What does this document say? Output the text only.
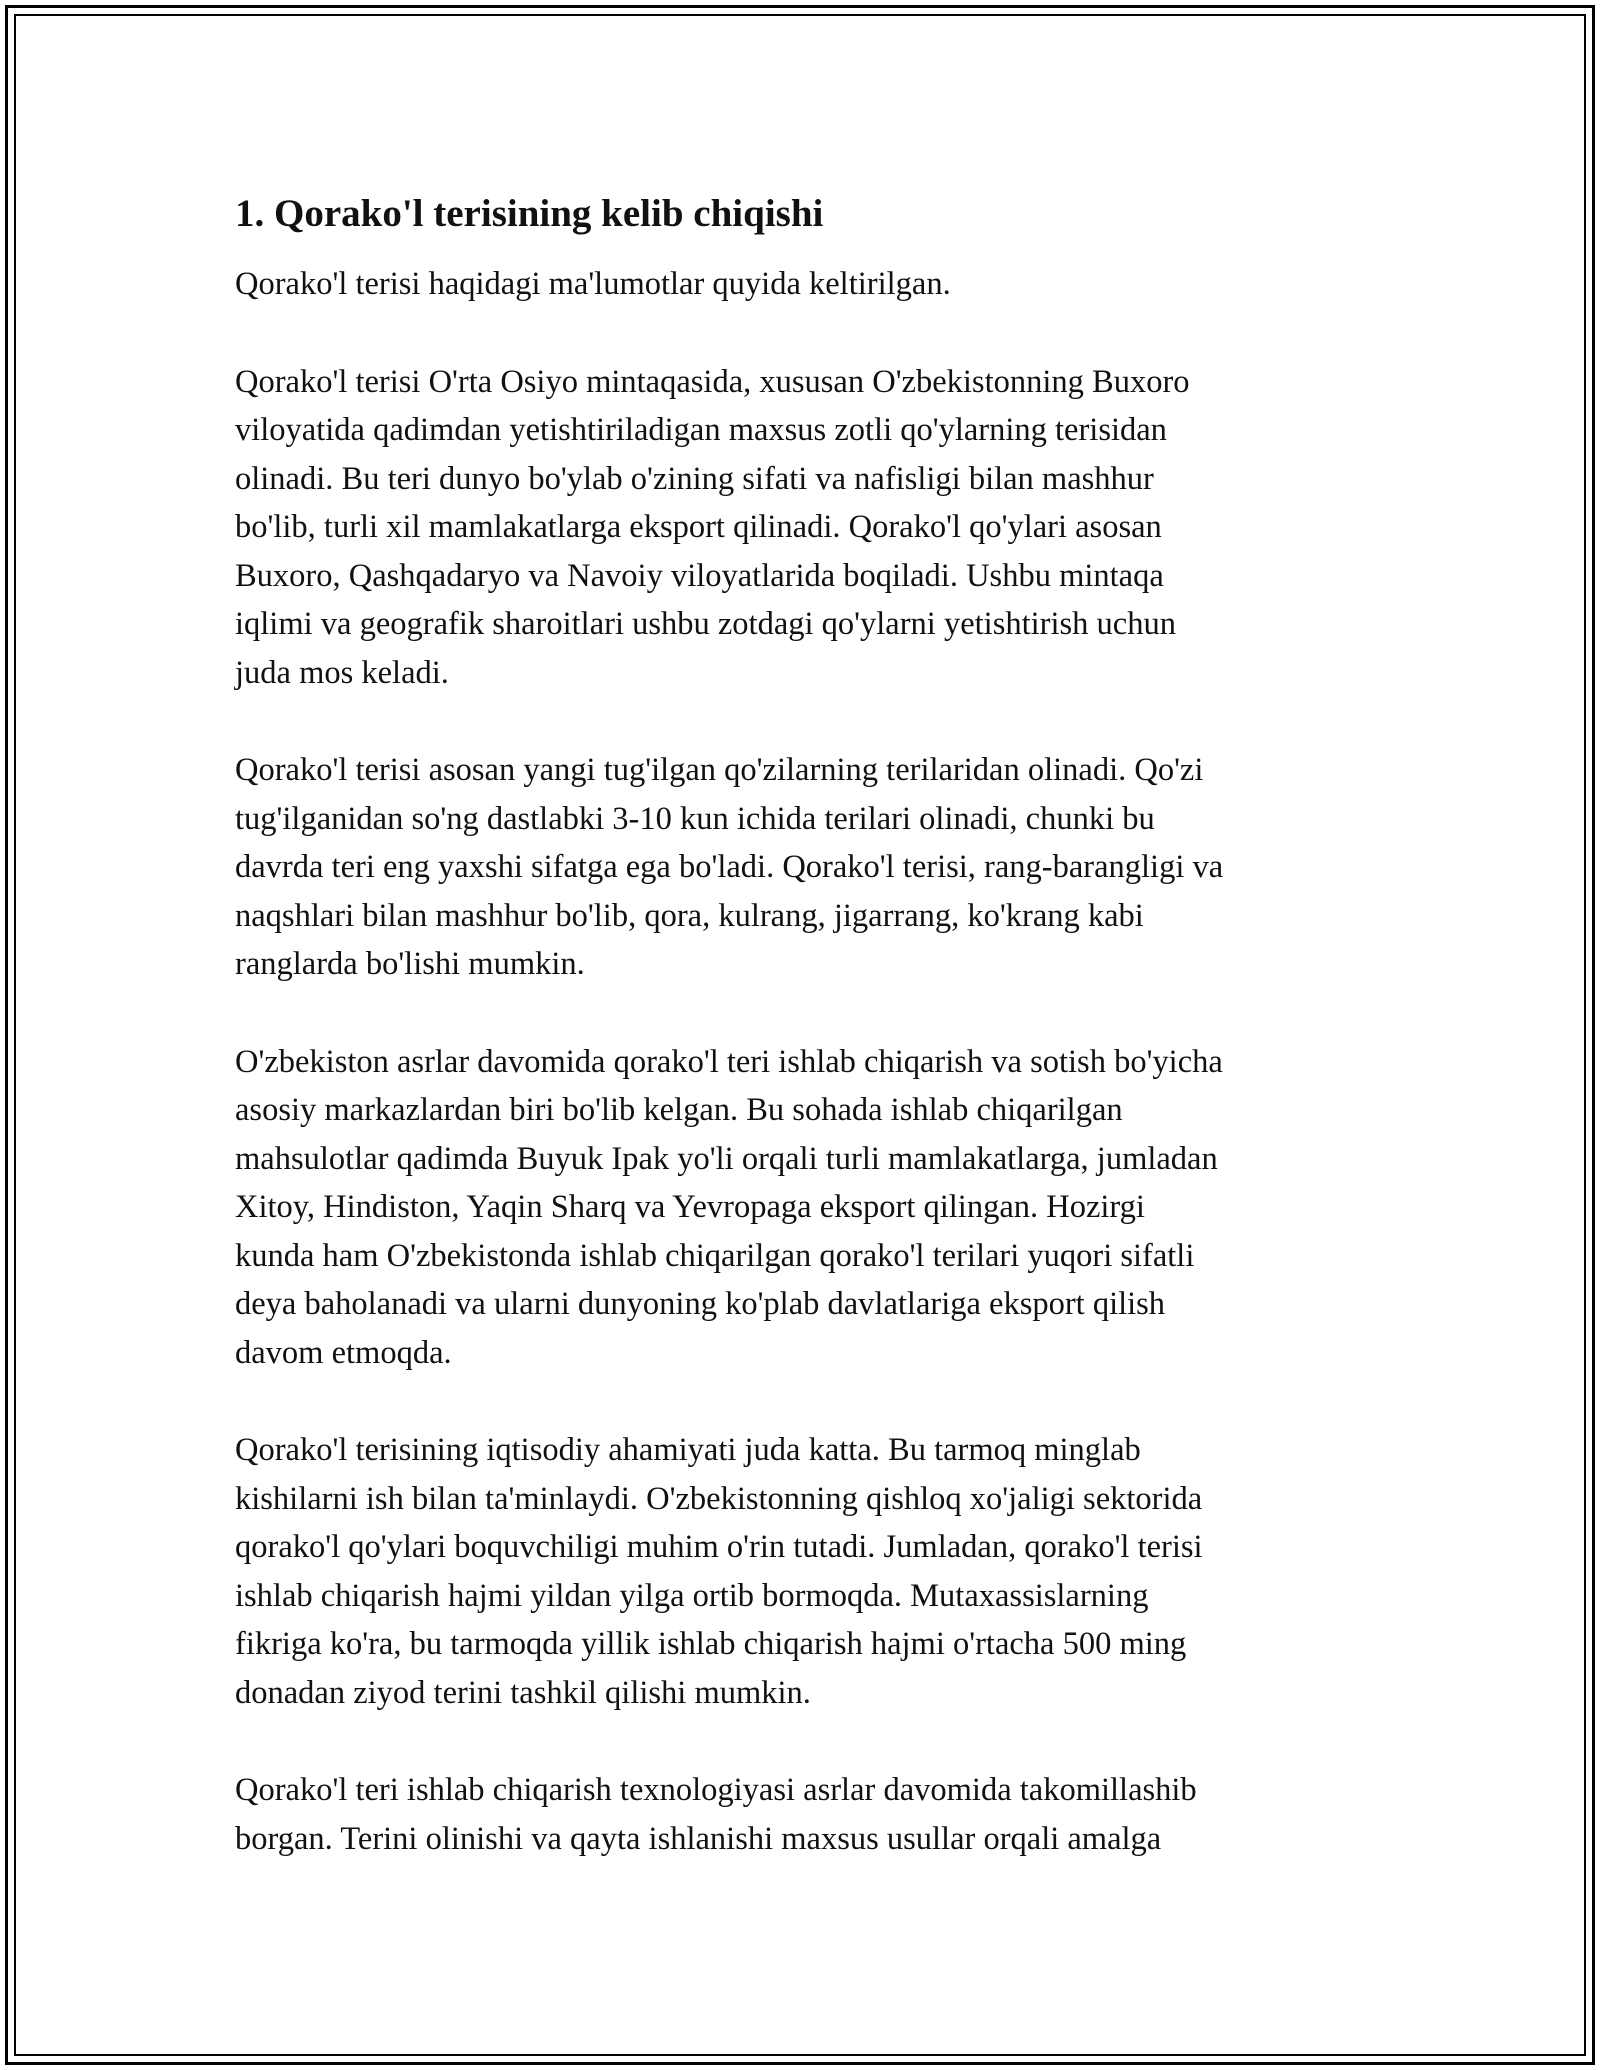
1. Qorako'l terisining kelib chiqishi

Qorako'l terisi haqidagi ma'lumotlar quyida keltirilgan.

Qorako'l terisi O'rta Osiyo mintaqasida, xususan O'zbekistonning Buxoro
viloyatida qadimdan yetishtiriladigan maxsus zotli qo'ylarning terisidan
olinadi. Bu teri dunyo bo'ylab o'zining sifati va nafisligi bilan mashhur
bo'lib, turli xil mamlakatlarga eksport qilinadi. Qorako'l qo'ylari asosan
Buxoro, Qashqadaryo va Navoiy viloyatlarida boqiladi. Ushbu mintaqa
iqlimi va geografik sharoitlari ushbu zotdagi qo'ylarni yetishtirish uchun
juda mos keladi.

Qorako'l terisi asosan yangi tug'ilgan qo'zilarning terilaridan olinadi. Qo'zi
tug'ilganidan so'ng dastlabki 3-10 kun ichida terilari olinadi, chunki bu
davrda teri eng yaxshi sifatga ega bo'ladi. Qorako'l terisi, rang-barangligi va
naqshlari bilan mashhur bo'lib, qora, kulrang, jigarrang, ko'krang kabi
ranglarda bo'lishi mumkin.

O'zbekiston asrlar davomida qorako'l teri ishlab chiqarish va sotish bo'yicha
asosiy markazlardan biri bo'lib kelgan. Bu sohada ishlab chiqarilgan
mahsulotlar qadimda Buyuk Ipak yo'li orqali turli mamlakatlarga, jumladan
Xitoy, Hindiston, Yaqin Sharq va Yevropaga eksport qilingan. Hozirgi
kunda ham O'zbekistonda ishlab chiqarilgan qorako'l terilari yuqori sifatli
deya baholanadi va ularni dunyoning ko'plab davlatlariga eksport qilish
davom etmoqda.

Qorako'l terisining iqtisodiy ahamiyati juda katta. Bu tarmoq minglab
kishilarni ish bilan ta'minlaydi. O'zbekistonning qishloq xo'jaligi sektorida
qorako'l qo'ylari boquvchiligi muhim o'rin tutadi. Jumladan, qorako'l terisi
ishlab chiqarish hajmi yildan yilga ortib bormoqda. Mutaxassislarning
fikriga ko'ra, bu tarmoqda yillik ishlab chiqarish hajmi o'rtacha 500 ming
donadan ziyod terini tashkil qilishi mumkin.

Qorako'l teri ishlab chiqarish texnologiyasi asrlar davomida takomillashib
borgan. Terini olinishi va qayta ishlanishi maxsus usullar orqali amalga
